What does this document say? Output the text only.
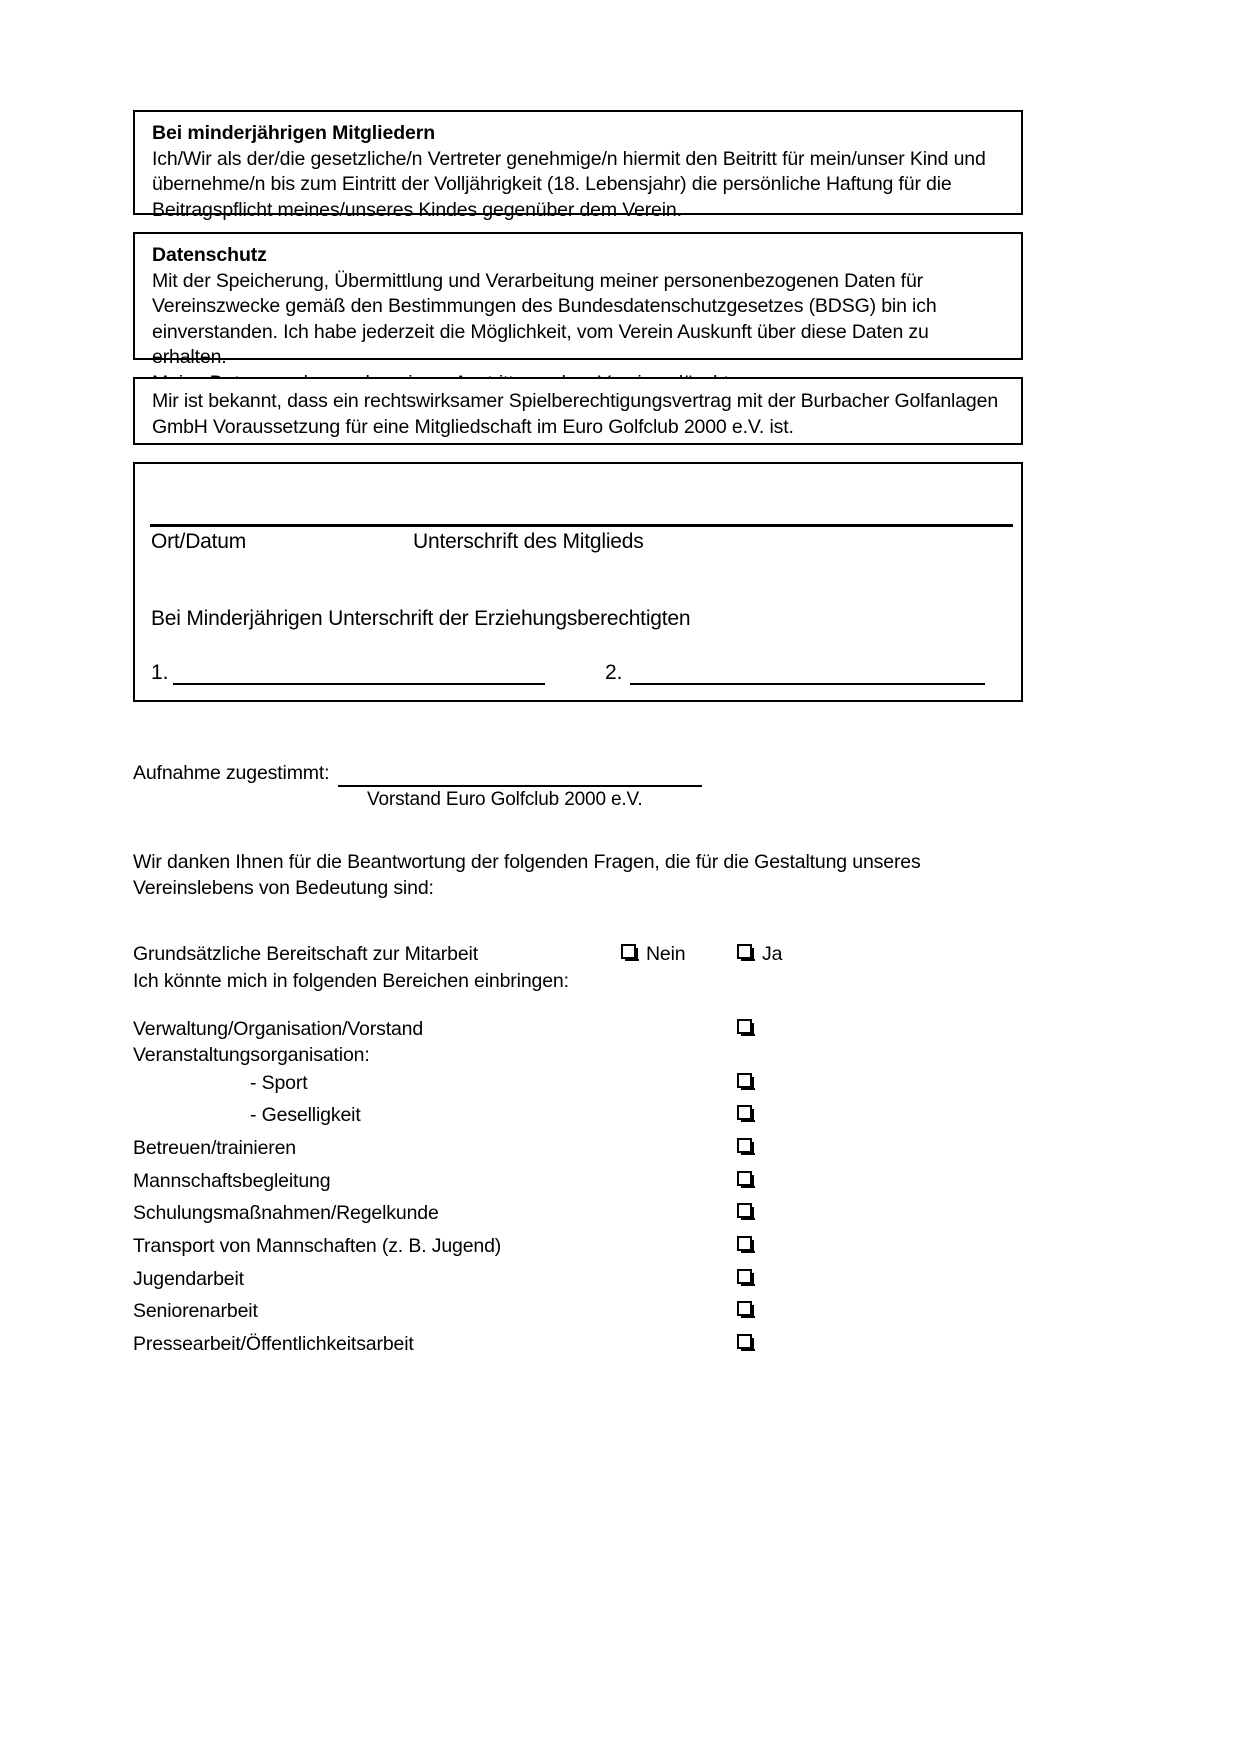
Bei minderjährigen Mitgliedern

Ich/Wir als der/die gesetzliche/n Vertreter genehmige/n hiermit den Beitritt für mein/unser Kind und

übernehme/n bis zum Eintritt der Volljährigkeit (18. Lebensjahr) die persönliche Haftung für die

Beitragspflicht meines/unseres Kindes gegenüber dem Verein.

Datenschutz

Mit der Speicherung, Übermittlung und Verarbeitung meiner personenbezogenen Daten für

Vereinszwecke gemäß den Bestimmungen des Bundesdatenschutzgesetzes (BDSG) bin ich

einverstanden. Ich habe jederzeit die Möglichkeit, vom Verein Auskunft über diese Daten zu erhalten.

Mir ist bekannt, dass ein rechtswirksamer Spielberechtigungsvertrag mit der Burbacher Golfanlagen

GmbH Voraussetzung für eine Mitgliedschaft im Euro Golfclub 2000 e.V. ist.

Ort/Datum	Unterschrift des Mitglieds
Bei Minderjährigen Unterschrift der Erziehungsberechtigten
1.	2.
Aufnahme zugestimmt:
Vorstand Euro Golfclub 2000 e.V.

Wir danken Ihnen für die Beantwortung der folgenden Fragen, die für die Gestaltung unseres

Vereinslebens von Bedeutung sind:

Grundsätzliche Bereitschaft zur Mitarbeit	Nein	Ja
Ich könnte mich in folgenden Bereichen einbringen:
Verwaltung/Organisation/Vorstand
Veranstaltungsorganisation:
- Sport
- Geselligkeit
Betreuen/trainieren
Mannschaftsbegleitung
Schulungsmaßnahmen/Regelkunde
Transport von Mannschaften (z. B. Jugend)
Jugendarbeit
Seniorenarbeit
Pressearbeit/Öffentlichkeitsarbeit
